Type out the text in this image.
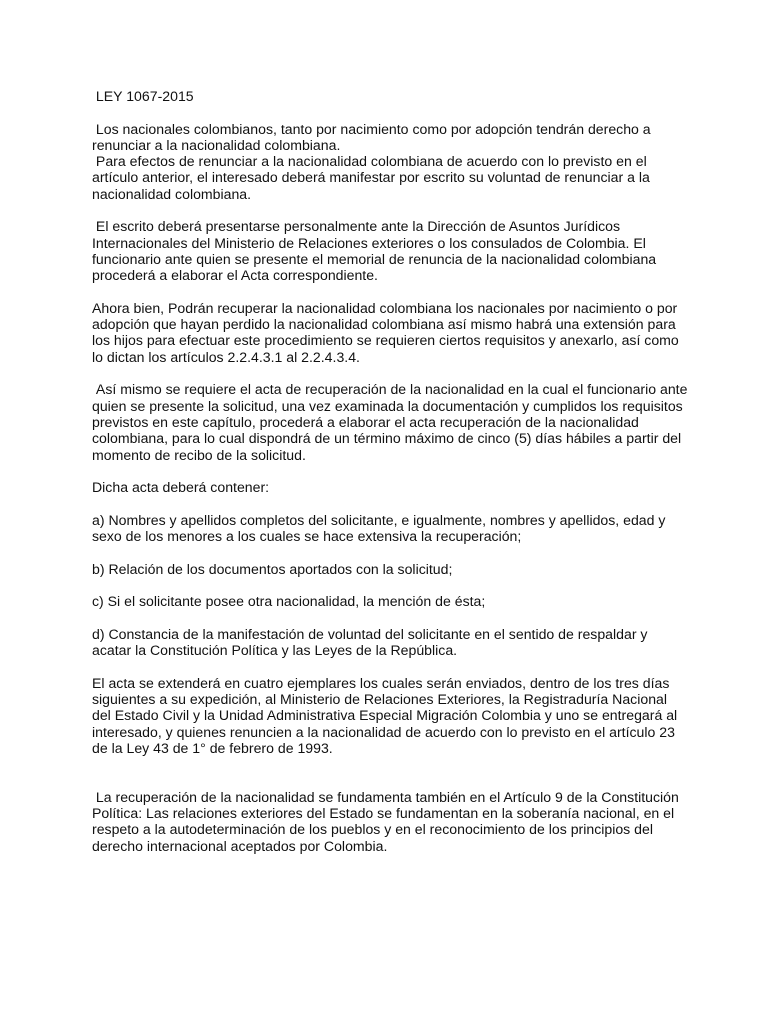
LEY 1067-2015

Los nacionales colombianos, tanto por nacimiento como por adopción tendrán derecho a renunciar a la nacionalidad colombiana.

Para efectos de renunciar a la nacionalidad colombiana de acuerdo con lo previsto en el artículo anterior, el interesado deberá manifestar por escrito su voluntad de renunciar a la nacionalidad colombiana.

El escrito deberá presentarse personalmente ante la Dirección de Asuntos Jurídicos Internacionales del Ministerio de Relaciones exteriores o los consulados de Colombia. El funcionario ante quien se presente el memorial de renuncia de la nacionalidad colombiana procederá a elaborar el Acta correspondiente.

Ahora bien, Podrán recuperar la nacionalidad colombiana los nacionales por nacimiento o por adopción que hayan perdido la nacionalidad colombiana así mismo habrá una extensión para los hijos para efectuar este procedimiento se requieren ciertos requisitos y anexarlo, así como lo dictan los artículos 2.2.4.3.1 al 2.2.4.3.4.

Así mismo se requiere el acta de recuperación de la nacionalidad en la cual el funcionario ante quien se presente la solicitud, una vez examinada la documentación y cumplidos los requisitos previstos en este capítulo, procederá a elaborar el acta recuperación de la nacionalidad colombiana, para lo cual dispondrá de un término máximo de cinco (5) días hábiles a partir del momento de recibo de la solicitud.

Dicha acta deberá contener:

a) Nombres y apellidos completos del solicitante, e igualmente, nombres y apellidos, edad y sexo de los menores a los cuales se hace extensiva la recuperación;

b) Relación de los documentos aportados con la solicitud;

c) Si el solicitante posee otra nacionalidad, la mención de ésta;

d) Constancia de la manifestación de voluntad del solicitante en el sentido de respaldar y acatar la Constitución Política y las Leyes de la República.

El acta se extenderá en cuatro ejemplares los cuales serán enviados, dentro de los tres días siguientes a su expedición, al Ministerio de Relaciones Exteriores, la Registraduría Nacional del Estado Civil y la Unidad Administrativa Especial Migración Colombia y uno se entregará al interesado, y quienes renuncien a la nacionalidad de acuerdo con lo previsto en el artículo 23 de la Ley 43 de 1° de febrero de 1993.

La recuperación de la nacionalidad se fundamenta también en el Artículo 9 de la Constitución Política: Las relaciones exteriores del Estado se fundamentan en la soberanía nacional, en el respeto a la autodeterminación de los pueblos y en el reconocimiento de los principios del derecho internacional aceptados por Colombia.
